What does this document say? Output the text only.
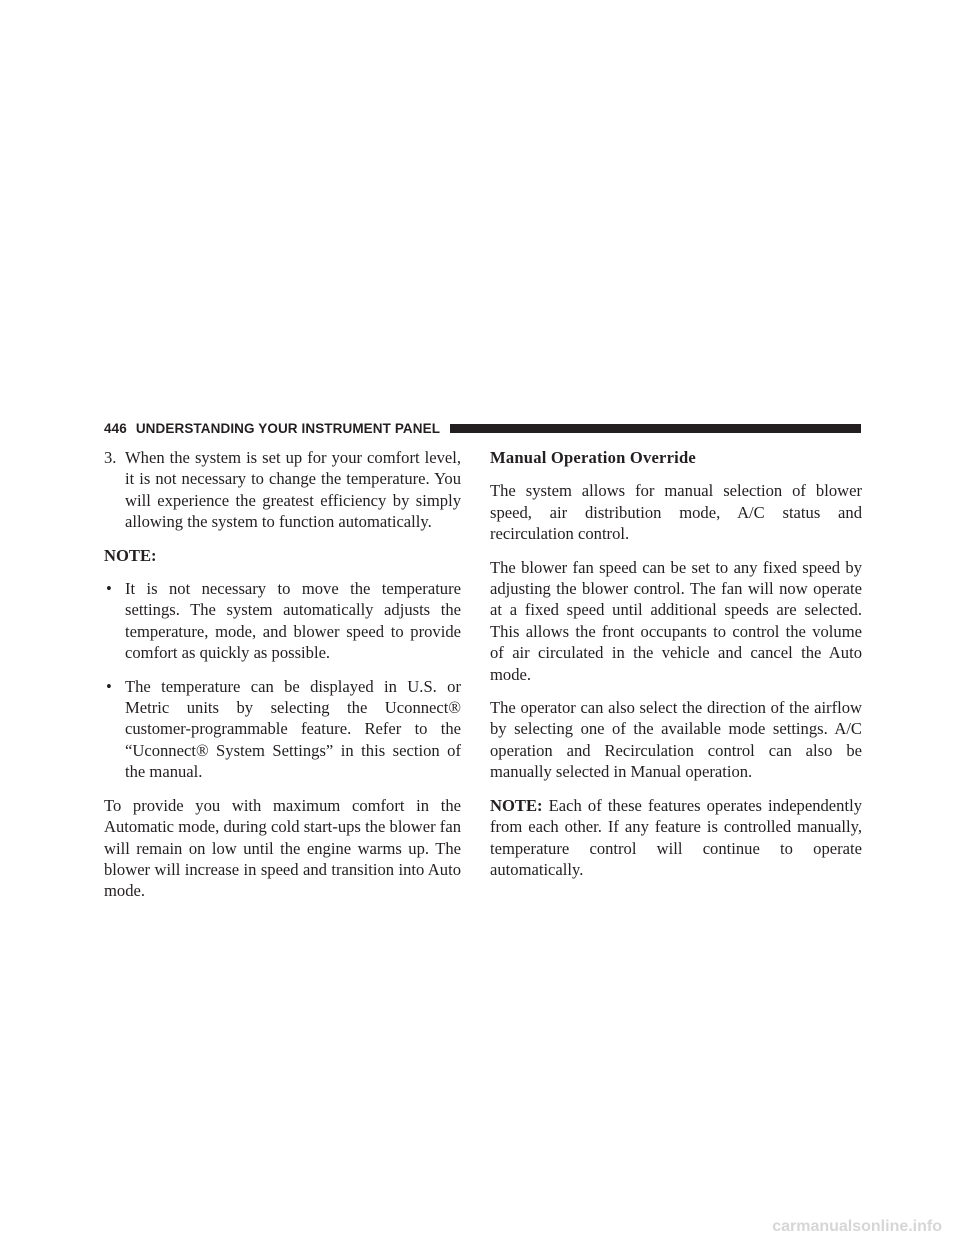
446 UNDERSTANDING YOUR INSTRUMENT PANEL
3. When the system is set up for your comfort level, it is not necessary to change the temperature. You will experience the greatest efficiency by simply allowing the system to function automatically.

NOTE:

• It is not necessary to move the temperature settings. The system automatically adjusts the temperature, mode, and blower speed to provide comfort as quickly as possible.
• The temperature can be displayed in U.S. or Metric units by selecting the Uconnect® customer-programmable feature. Refer to the “Uconnect® System Settings” in this section of the manual.

To provide you with maximum comfort in the Automatic mode, during cold start-ups the blower fan will remain on low until the engine warms up. The blower will increase in speed and transition into Auto mode.

Manual Operation Override

The system allows for manual selection of blower speed, air distribution mode, A/C status and recirculation control.

The blower fan speed can be set to any fixed speed by adjusting the blower control. The fan will now operate at a fixed speed until additional speeds are selected. This allows the front occupants to control the volume of air circulated in the vehicle and cancel the Auto mode.

The operator can also select the direction of the airflow by selecting one of the available mode settings. A/C operation and Recirculation control can also be manually selected in Manual operation.

NOTE: Each of these features operates independently from each other. If any feature is controlled manually, temperature control will continue to operate automatically.

carmanualsonline.info
